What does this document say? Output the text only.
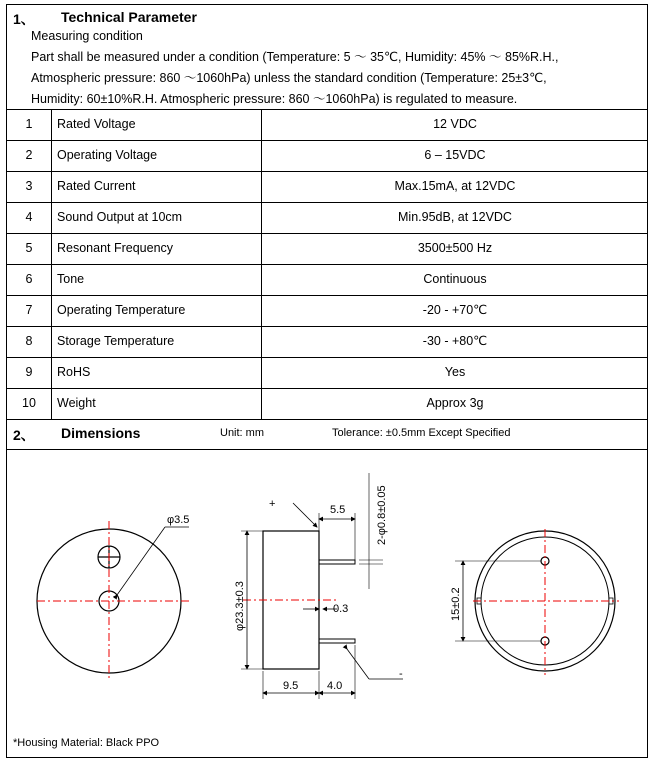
1、 Technical Parameter
Measuring condition
Part shall be measured under a condition (Temperature: 5 ～ 35℃, Humidity: 45% ～ 85%R.H.,
Atmospheric pressure: 860 ～1060hPa) unless the standard condition (Temperature: 25±3℃,
Humidity: 60±10%R.H. Atmospheric pressure: 860 ～1060hPa) is regulated to measure.
1	Rated Voltage	12 VDC
2	Operating Voltage	6 – 15VDC
3	Rated Current	Max.15mA, at 12VDC
4	Sound Output at 10cm	Min.95dB, at 12VDC
5	Resonant Frequency	3500±500 Hz
6	Tone	Continuous
7	Operating Temperature	-20 - +70℃
8	Storage Temperature	-30 - +80℃
9	RoHS	Yes
10	Weight	Approx 3g
2、 Dimensions	Unit: mm	Tolerance: ±0.5mm Except Specified
φ3.5
+
-
5.5	2-φ0.8±0.05
φ23.3±0.3	0.3
9.5	4.0
15±0.2
*Housing Material: Black PPO
